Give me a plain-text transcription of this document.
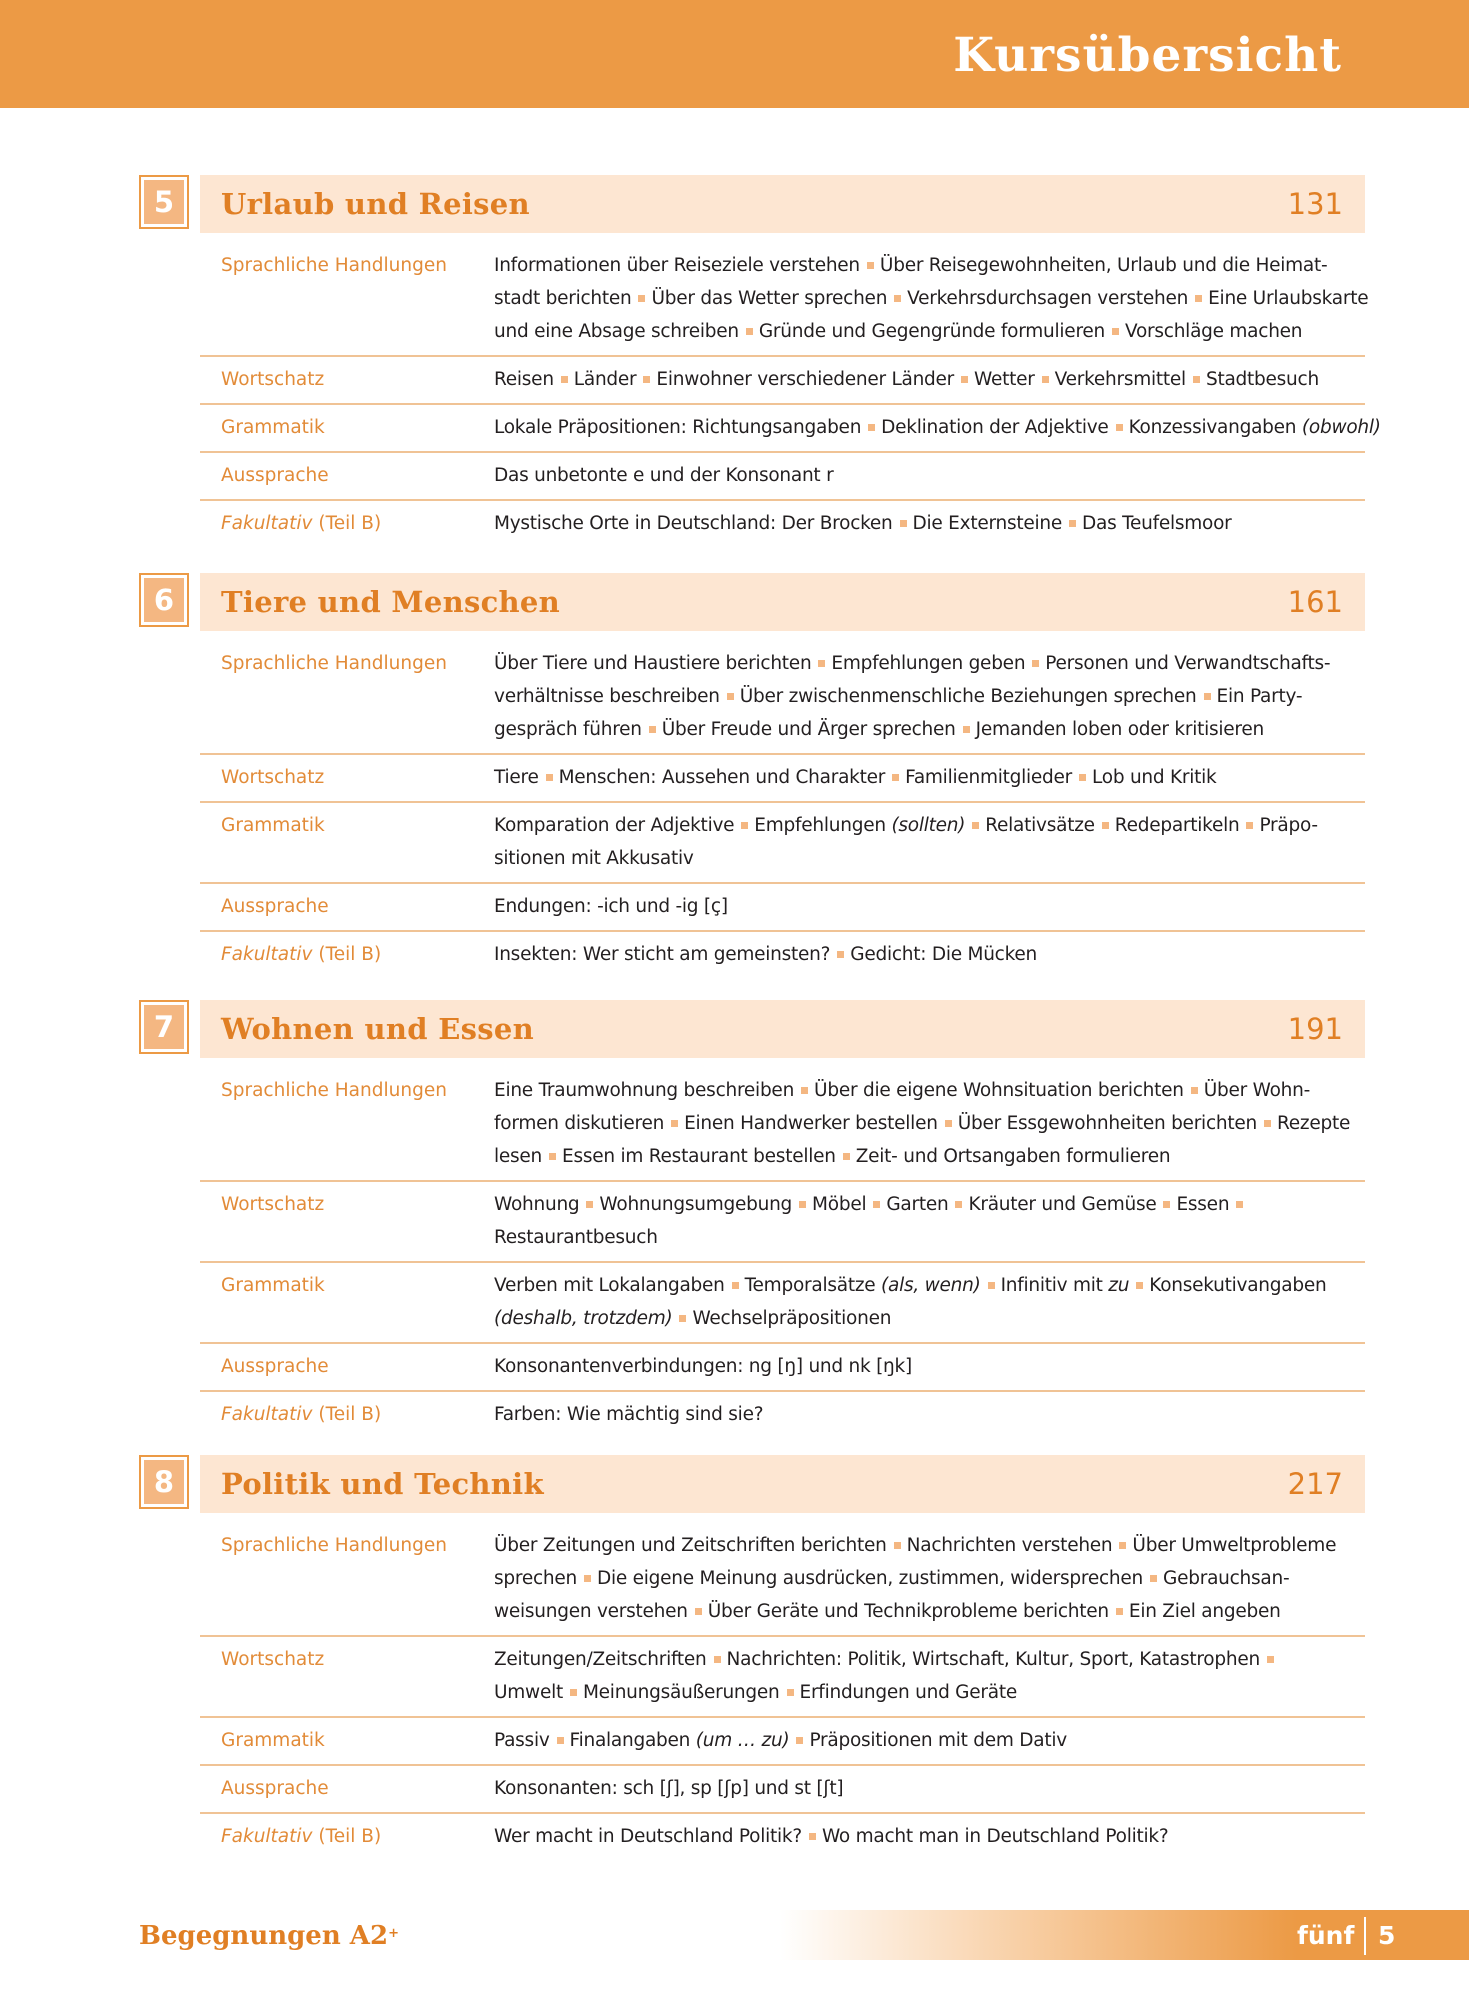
Kursübersicht
5	Urlaub und Reisen	131
Sprachliche Handlungen	Informationen über Reiseziele verstehen Über Reisegewohnheiten, Urlaub und die Heimat-
stadt berichten Über das Wetter sprechen Verkehrsdurchsagen verstehen Eine Urlaubskarte
und eine Absage schreiben Gründe und Gegengründe formulieren Vorschläge machen
Wortschatz	Reisen Länder Einwohner verschiedener Länder Wetter Verkehrsmittel Stadtbesuch
Grammatik	Lokale Präpositionen: Richtungsangaben Deklination der Adjektive Konzessivangaben (obwohl)
Aussprache	Das unbetonte e und der Konsonant r
Fakultativ (Teil B)	Mystische Orte in Deutschland: Der Brocken Die Externsteine Das Teufelsmoor
6	Tiere und Menschen	161
Sprachliche Handlungen	Über Tiere und Haustiere berichten Empfehlungen geben Personen und Verwandtschafts-
verhältnisse beschreiben Über zwischenmenschliche Beziehungen sprechen Ein Party-
gespräch führen Über Freude und Ärger sprechen Jemanden loben oder kritisieren
Wortschatz	Tiere Menschen: Aussehen und Charakter Familienmitglieder Lob und Kritik
Grammatik	Komparation der Adjektive Empfehlungen (sollten) Relativsätze Redepartikeln Präpo-
sitionen mit Akkusativ
Aussprache	Endungen: -ich und -ig [ç]
Fakultativ (Teil B)	Insekten: Wer sticht am gemeinsten? Gedicht: Die Mücken
7	Wohnen und Essen	191
Sprachliche Handlungen	Eine Traumwohnung beschreiben Über die eigene Wohnsituation berichten Über Wohn-
formen diskutieren Einen Handwerker bestellen Über Essgewohnheiten berichten Rezepte
lesen Essen im Restaurant bestellen Zeit- und Ortsangaben formulieren
Wortschatz	Wohnung Wohnungsumgebung Möbel Garten Kräuter und Gemüse Essen
Restaurantbesuch
Grammatik	Verben mit Lokalangaben Temporalsätze (als, wenn) Infinitiv mit zu Konsekutivangaben
(deshalb, trotzdem) Wechselpräpositionen
Aussprache	Konsonantenverbindungen: ng [ŋ] und nk [ŋk]
Fakultativ (Teil B)	Farben: Wie mächtig sind sie?
8	Politik und Technik	217
Sprachliche Handlungen	Über Zeitungen und Zeitschriften berichten Nachrichten verstehen Über Umweltprobleme
sprechen Die eigene Meinung ausdrücken, zustimmen, widersprechen Gebrauchsan-
weisungen verstehen Über Geräte und Technikprobleme berichten Ein Ziel angeben
Wortschatz	Zeitungen/Zeitschriften Nachrichten: Politik, Wirtschaft, Kultur, Sport, Katastrophen
Umwelt Meinungsäußerungen Erfindungen und Geräte
Grammatik	Passiv Finalangaben (um … zu) Präpositionen mit dem Dativ
Aussprache	Konsonanten: sch [ʃ], sp [ʃp] und st [ʃt]
Fakultativ (Teil B)	Wer macht in Deutschland Politik? Wo macht man in Deutschland Politik?
Begegnungen A2+	fünf 5
